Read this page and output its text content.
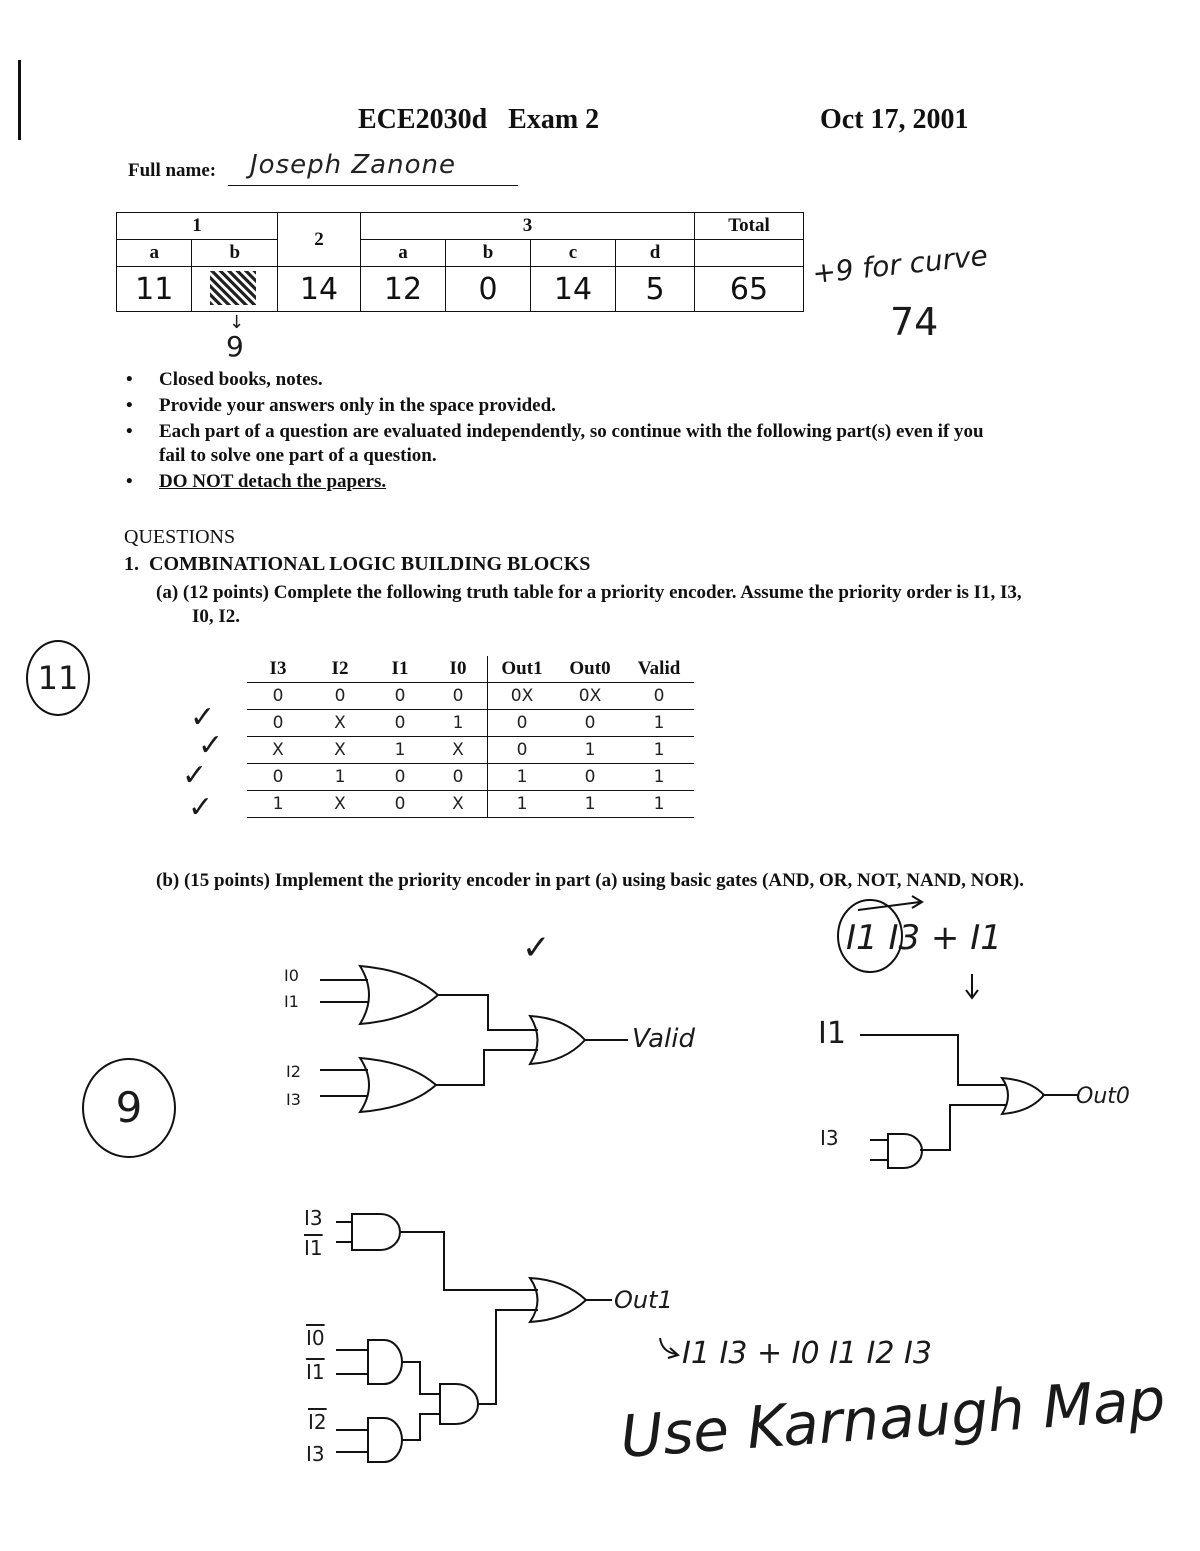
ECE2030d   Exam 2	Oct 17, 2001
Full name: Joseph Zanone
1		2	3				Total
a	b		a	b	c	d	
11		14	12	0	14	5	65
9
↓
+9 for curve
74
• Closed books, notes.
• Provide your answers only in the space provided.
• Each part of a question are evaluated independently, so continue with the following part(s) even if you fail to solve one part of a question.
• DO NOT detach the papers.
QUESTIONS
1.  COMBINATIONAL LOGIC BUILDING BLOCKS
(a) (12 points) Complete the following truth table for a priority encoder. Assume the priority order is I1, I3, I0, I2.
11
✓
✓
✓
✓
I3	I2	I1	I0	Out1	Out0	Valid
0	0	0	0	0X	0X	0
0	X	0	1	0	0	1
X	X	1	X	0	1	1
0	1	0	0	1	0	1
1	X	0	X	1	1	1
(b) (15 points) Implement the priority encoder in part (a) using basic gates (AND, OR, NOT, NAND, NOR).
9
✓
Valid
Out0
Out1
I1 I3 + I1
I1 I3 + I0 I1 I2 I3
Use Karnaugh Map
I0
I1
I2
I3
I3
I1
I3
I1
I0
I1
I2
I3
